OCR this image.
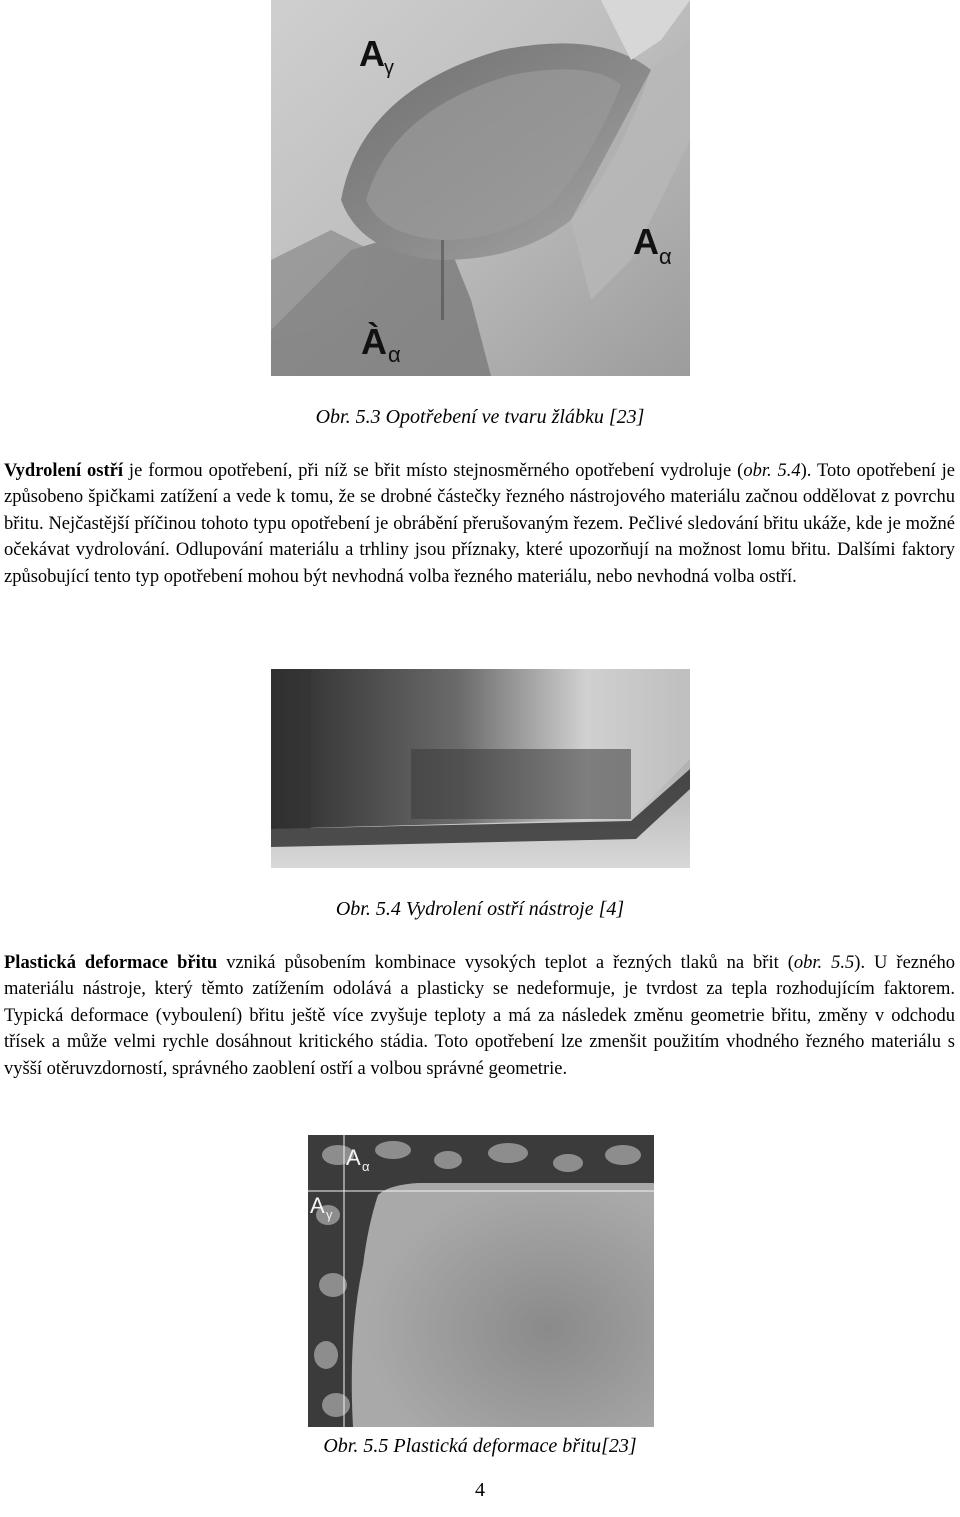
A γ
A α
À α
Obr. 5.3 Opotřebení ve tvaru žlábku [23]
Vydrolení ostří je formou opotřebení, při níž se břit místo stejnosměrného opotřebení vydroluje (obr. 5.4). Toto opotřebení je způsobeno špičkami zatížení a vede k tomu, že se drobné částečky řezného nástrojového materiálu začnou oddělovat z povrchu břitu. Nejčastější příčinou tohoto typu opotřebení je obrábění přerušovaným řezem. Pečlivé sledování břitu ukáže, kde je možné očekávat vydrolování. Odlupování materiálu a trhliny jsou příznaky, které upozorňují na možnost lomu břitu. Dalšími faktory způsobující tento typ opotřebení mohou být nevhodná volba řezného materiálu, nebo nevhodná volba ostří.
Obr. 5.4 Vydrolení ostří nástroje [4]
Plastická deformace břitu vzniká působením kombinace vysokých teplot a řezných tlaků na břit (obr. 5.5). U řezného materiálu nástroje, který těmto zatížením odolává a plasticky se nedeformuje, je tvrdost za tepla rozhodujícím faktorem. Typická deformace (vyboulení) břitu ještě více zvyšuje teploty a má za následek změnu geometrie břitu, změny v odchodu třísek a může velmi rychle dosáhnout kritického stádia. Toto opotřebení lze zmenšit použitím vhodného řezného materiálu s vyšší otěruvzdorností, správného zaoblení ostří a volbou správné geometrie.
A α
A γ
Obr. 5.5 Plastická deformace břitu[23]
4
